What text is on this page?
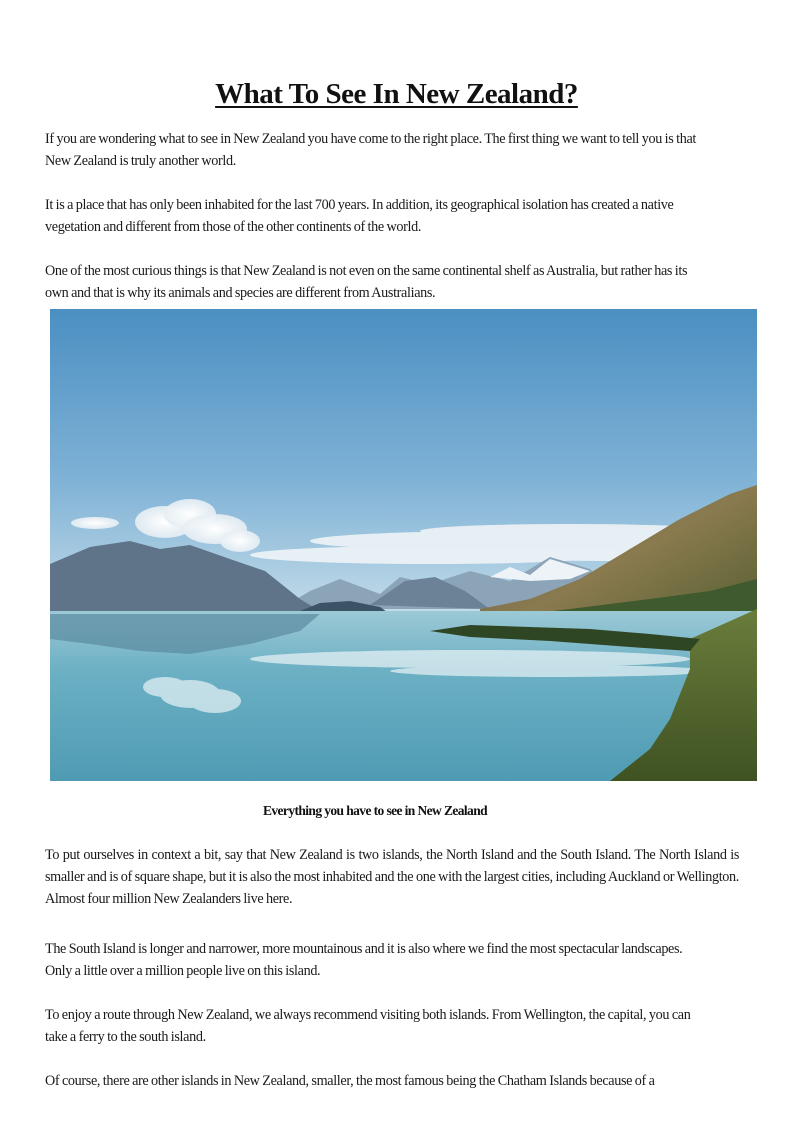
What To See In New Zealand?

If you are wondering what to see in New Zealand you have come to the right place. The first thing we want to tell you is that
New Zealand is truly another world.

It is a place that has only been inhabited for the last 700 years. In addition, its geographical isolation has created a native
vegetation and different from those of the other continents of the world.

One of the most curious things is that New Zealand is not even on the same continental shelf as Australia, but rather has its
own and that is why its animals and species are different from Australians.

Everything you have to see in New Zealand

To put ourselves in context a bit, say that New Zealand is two islands, the North Island and the South Island. The North Island is smaller and is of square shape, but it is also the most inhabited and the one with the largest cities, including Auckland or Wellington. Almost four million New Zealanders live here.

The South Island is longer and narrower, more mountainous and it is also where we find the most spectacular landscapes.
Only a little over a million people live on this island.

To enjoy a route through New Zealand, we always recommend visiting both islands. From Wellington, the capital, you can
take a ferry to the south island.

Of course, there are other islands in New Zealand, smaller, the most famous being the Chatham Islands because of a
